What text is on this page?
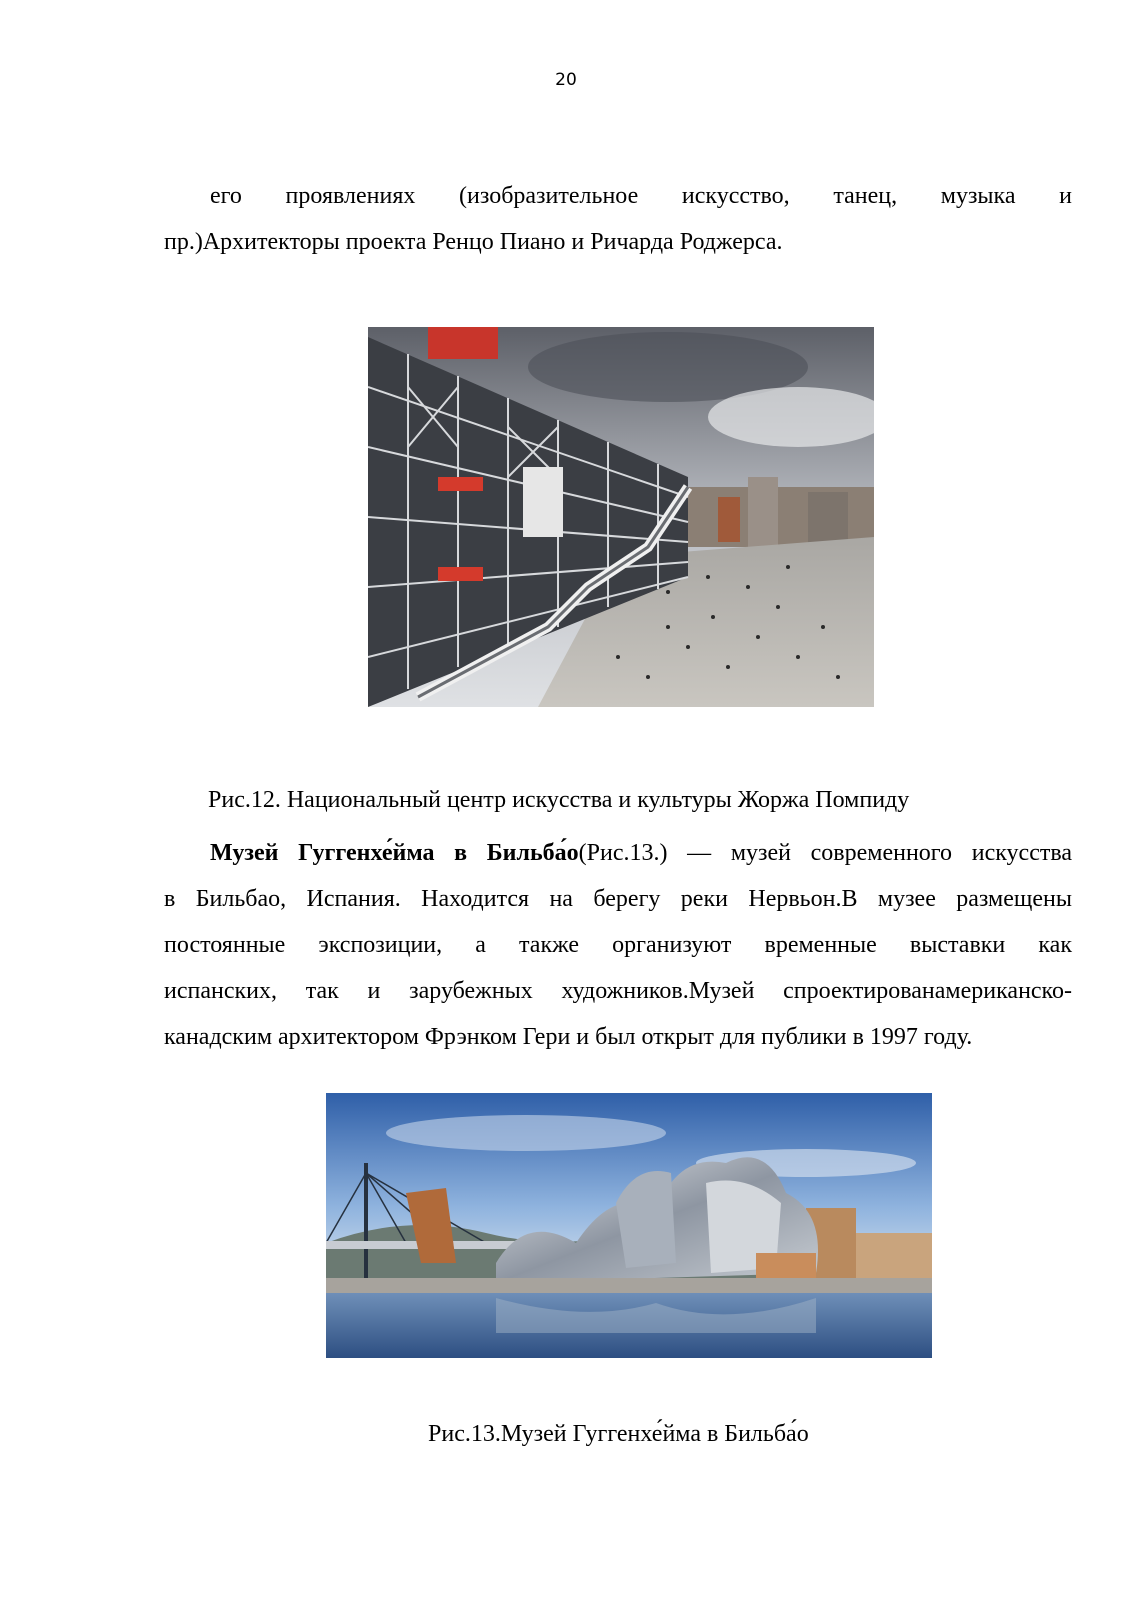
20
его проявлениях (изобразительное искусство, танец, музыка и
пр.)Архитекторы проекта Ренцо Пиано и Ричарда Роджерса.
Рис.12. Национальный центр искусства и культуры Жоржа Помпиду
Музей Гуггенхе́йма в Бильба́о(Рис.13.) — музей современного искусства
в Бильбао, Испания. Находится на берегу реки Нервьон.В музее размещены
постоянные экспозиции, а также организуют временные выставки как
испанских, так и зарубежных художников.Музей спроектированамериканско-
канадским архитектором Фрэнком Гери и был открыт для публики в 1997 году.
Рис.13.Музей Гуггенхе́йма в Бильба́о
